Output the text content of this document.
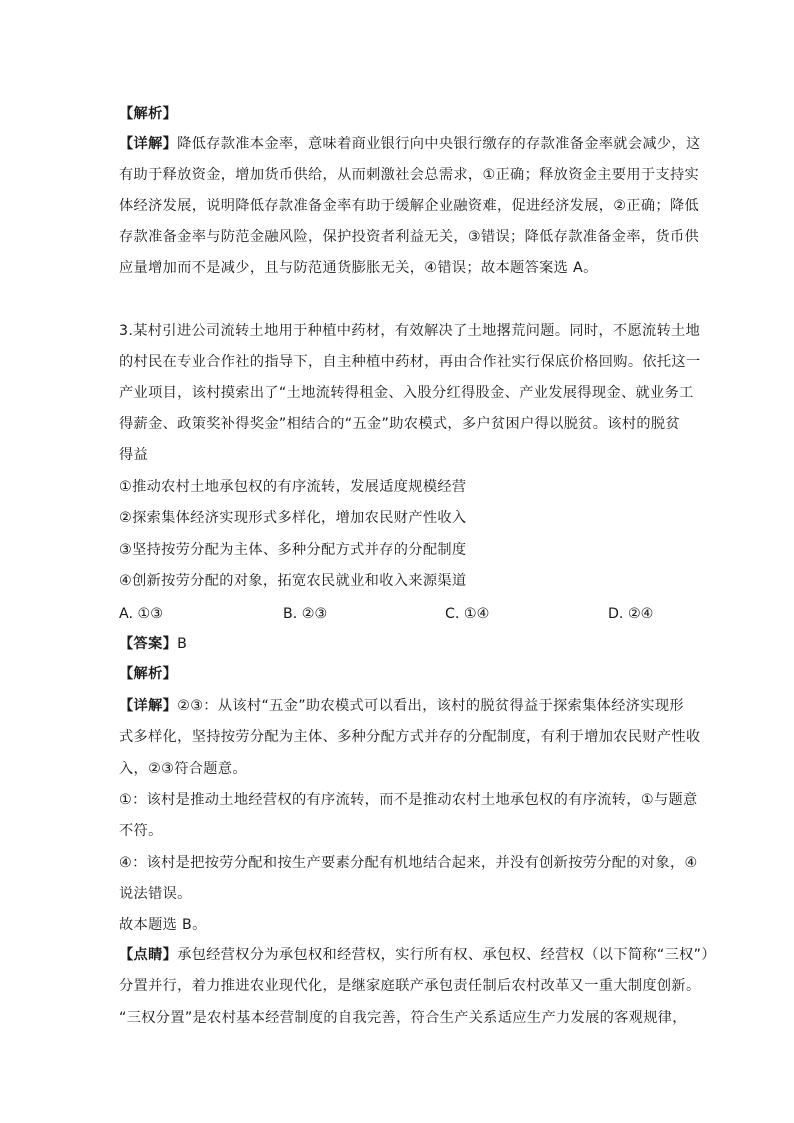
【解析】
【详解】降低存款准本金率，意味着商业银行向中央银行缴存的存款准备金率就会减少，这
有助于释放资金，增加货币供给，从而刺激社会总需求，①正确；释放资金主要用于支持实
体经济发展，说明降低存款准备金率有助于缓解企业融资难，促进经济发展，②正确；降低
存款准备金率与防范金融风险，保护投资者利益无关，③错误；降低存款准备金率，货币供
应量增加而不是减少，且与防范通货膨胀无关，④错误；故本题答案选 A。
3.某村引进公司流转土地用于种植中药材，有效解决了土地撂荒问题。同时，不愿流转土地
的村民在专业合作社的指导下，自主种植中药材，再由合作社实行保底价格回购。依托这一
产业项目，该村摸索出了“土地流转得租金、入股分红得股金、产业发展得现金、就业务工
得薪金、政策奖补得奖金”相结合的“五金”助农模式，多户贫困户得以脱贫。该村的脱贫
得益
①推动农村土地承包权的有序流转，发展适度规模经营
②探索集体经济实现形式多样化，增加农民财产性收入
③坚持按劳分配为主体、多种分配方式并存的分配制度
④创新按劳分配的对象，拓宽农民就业和收入来源渠道
A. ①③	B. ②③	C. ①④	D. ②④
【答案】B
【解析】
【详解】②③：从该村“五金”助农模式可以看出，该村的脱贫得益于探索集体经济实现形
式多样化，坚持按劳分配为主体、多种分配方式并存的分配制度，有利于增加农民财产性收
入，②③符合题意。
①：该村是推动土地经营权的有序流转，而不是推动农村土地承包权的有序流转，①与题意
不符。
④：该村是把按劳分配和按生产要素分配有机地结合起来，并没有创新按劳分配的对象，④
说法错误。
故本题选 B。
【点睛】承包经营权分为承包权和经营权，实行所有权、承包权、经营权（以下简称“三权”）
分置并行，着力推进农业现代化，是继家庭联产承包责任制后农村改革又一重大制度创新。
“三权分置”是农村基本经营制度的自我完善，符合生产关系适应生产力发展的客观规律，
